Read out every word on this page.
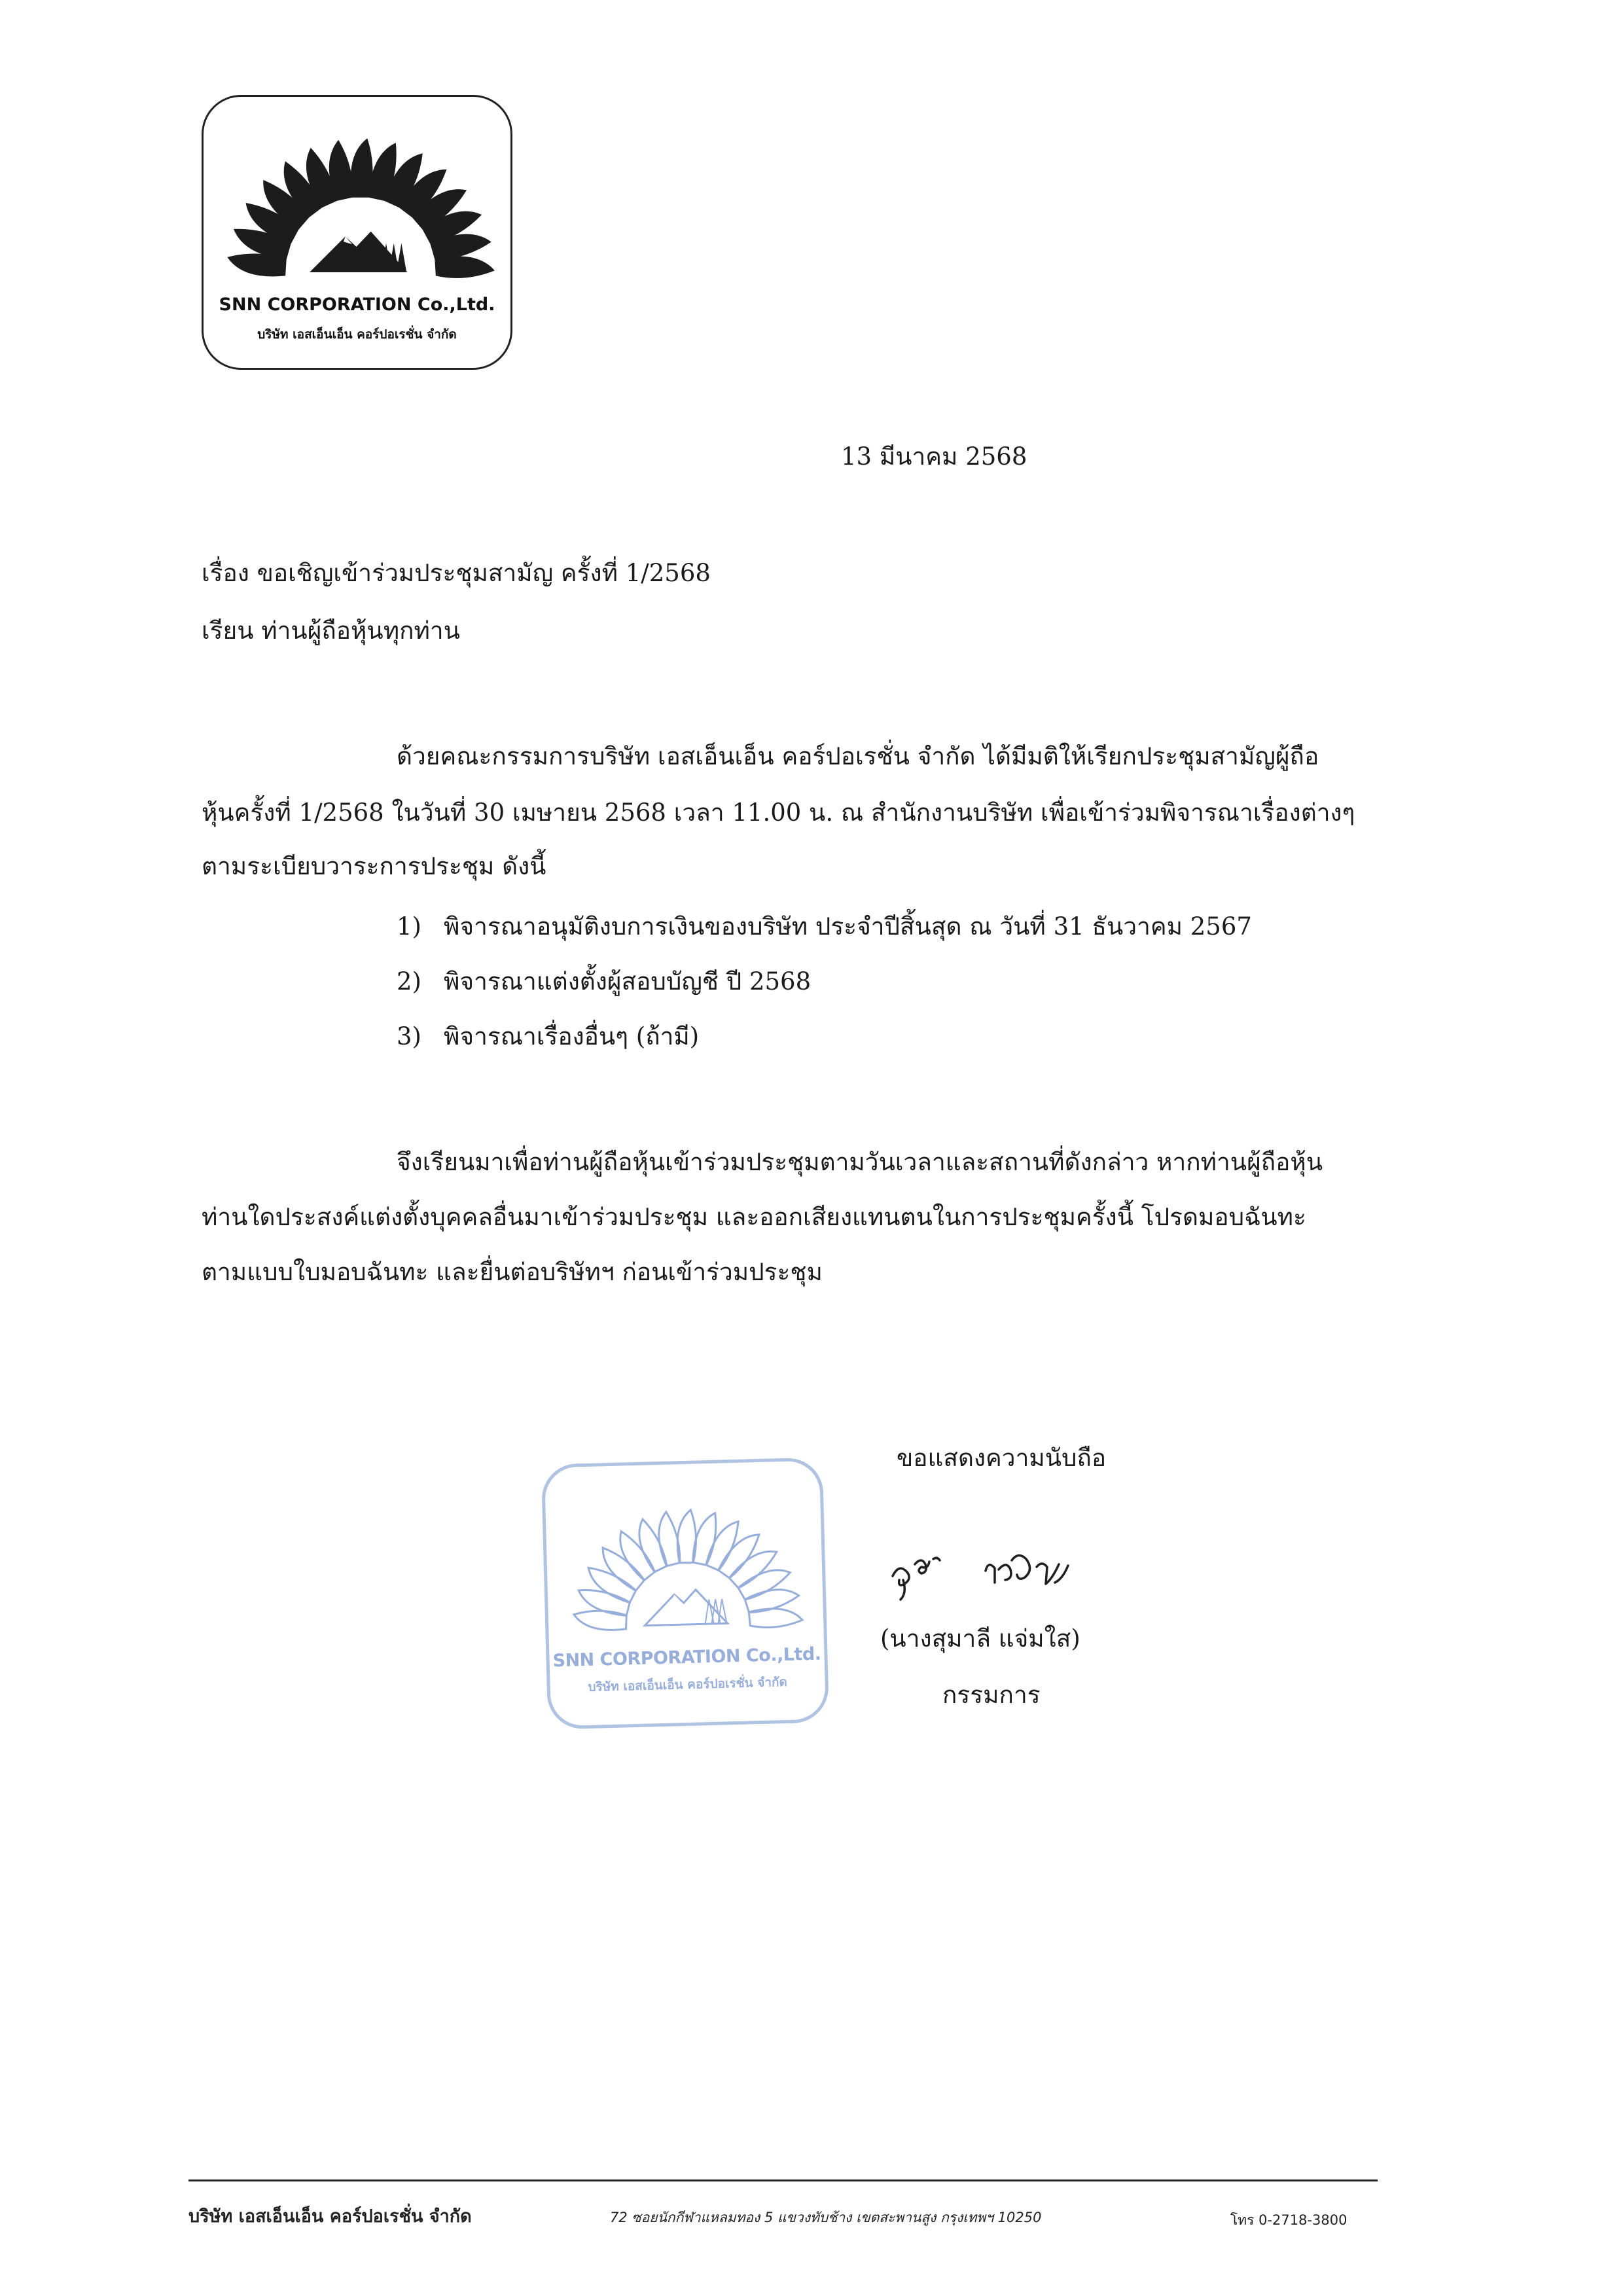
SNN CORPORATION Co.,Ltd.
บริษัท เอสเอ็นเอ็น คอร์ปอเรชั่น จำกัด
13 มีนาคม 2568
เรื่อง ขอเชิญเข้าร่วมประชุมสามัญ ครั้งที่ 1/2568
เรียน ท่านผู้ถือหุ้นทุกท่าน
ด้วยคณะกรรมการบริษัท เอสเอ็นเอ็น คอร์ปอเรชั่น จำกัด ได้มีมติให้เรียกประชุมสามัญผู้ถือ
หุ้นครั้งที่ 1/2568 ในวันที่ 30 เมษายน 2568 เวลา 11.00 น. ณ สำนักงานบริษัท เพื่อเข้าร่วมพิจารณาเรื่องต่างๆ
ตามระเบียบวาระการประชุม ดังนี้
1) พิจารณาอนุมัติงบการเงินของบริษัท ประจำปีสิ้นสุด ณ วันที่ 31 ธันวาคม 2567
2) พิจารณาแต่งตั้งผู้สอบบัญชี ปี 2568
3) พิจารณาเรื่องอื่นๆ (ถ้ามี)
จึงเรียนมาเพื่อท่านผู้ถือหุ้นเข้าร่วมประชุมตามวันเวลาและสถานที่ดังกล่าว หากท่านผู้ถือหุ้น
ท่านใดประสงค์แต่งตั้งบุคคลอื่นมาเข้าร่วมประชุม และออกเสียงแทนตนในการประชุมครั้งนี้ โปรดมอบฉันทะ
ตามแบบใบมอบฉันทะ และยื่นต่อบริษัทฯ ก่อนเข้าร่วมประชุม
ขอแสดงความนับถือ
(นางสุมาลี แจ่มใส)
กรรมการ
SNN CORPORATION Co.,Ltd.
บริษัท เอสเอ็นเอ็น คอร์ปอเรชั่น จำกัด
บริษัท เอสเอ็นเอ็น คอร์ปอเรชั่น จำกัด	72 ซอยนักกีฬาแหลมทอง 5 แขวงทับช้าง เขตสะพานสูง กรุงเทพฯ 10250	โทร 0-2718-3800
